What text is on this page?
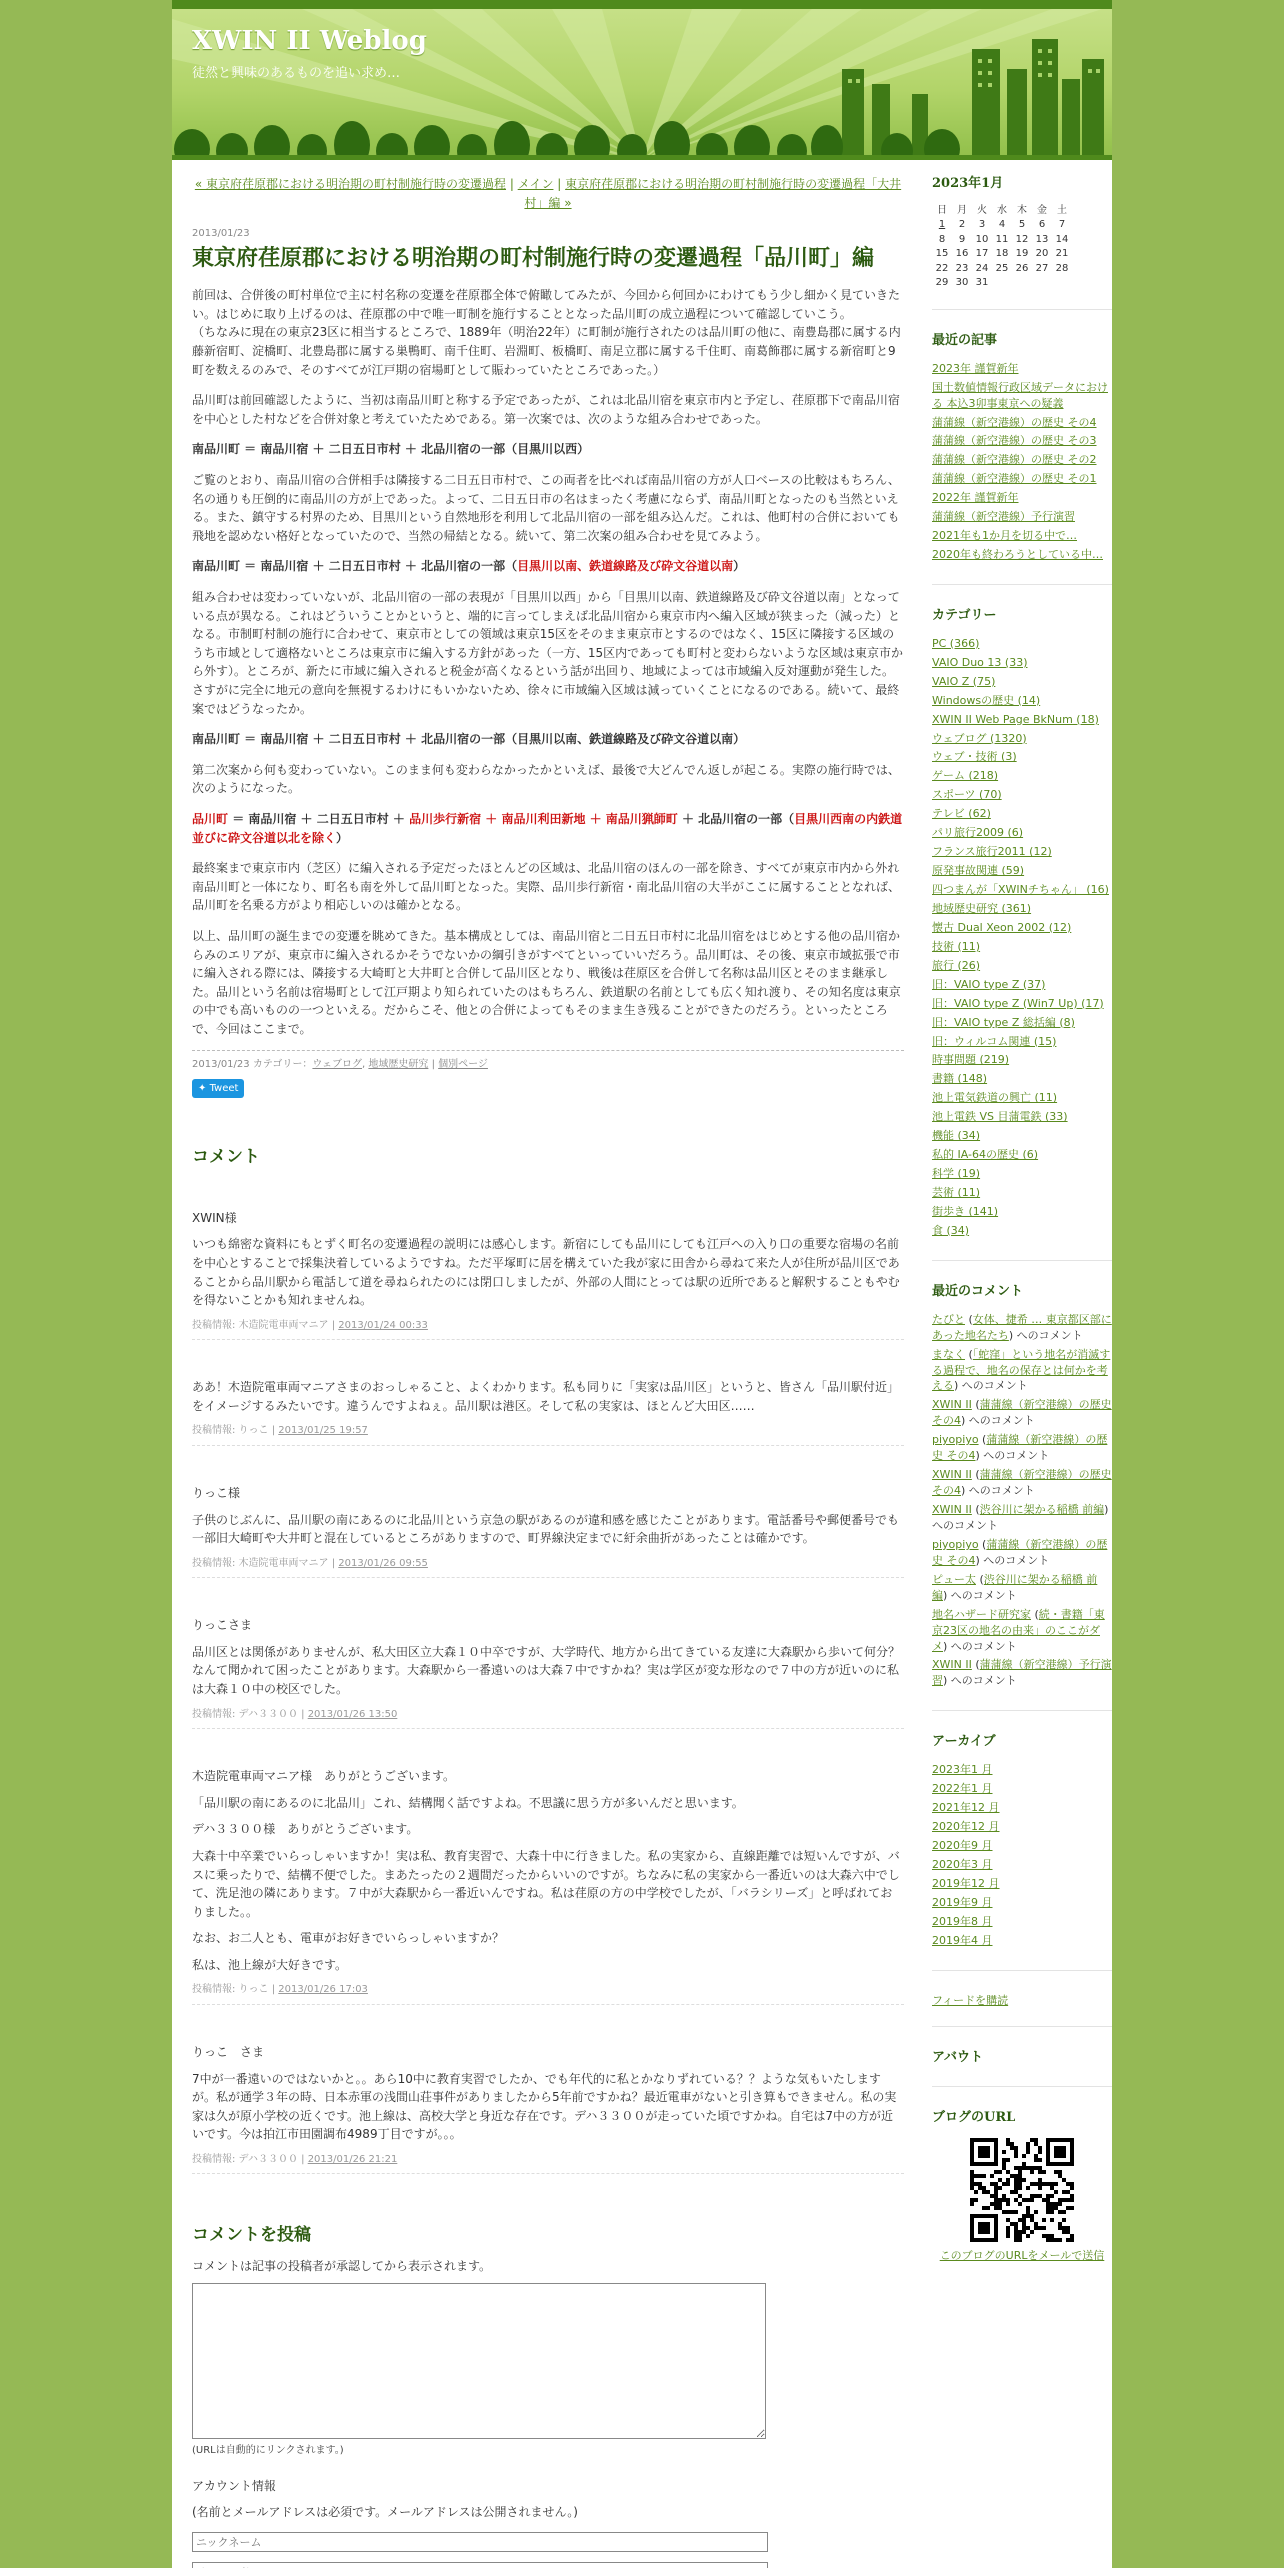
XWIN II Weblog
徒然と興味のあるものを追い求め…
« 東京府荏原郡における明治期の町村制施行時の変遷過程 | メイン | 東京府荏原郡における明治期の町村制施行時の変遷過程「大井村」編 »
2013/01/23
東京府荏原郡における明治期の町村制施行時の変遷過程「品川町」編

前回は、合併後の町村単位で主に村名称の変遷を荏原郡全体で俯瞰してみたが、今回から何回かにわけてもう少し細かく見ていきたい。はじめに取り上げるのは、荏原郡の中で唯一町制を施行することとなった品川町の成立過程について確認していこう。
（ちなみに現在の東京23区に相当するところで、1889年（明治22年）に町制が施行されたのは品川町の他に、南豊島郡に属する内藤新宿町、淀橋町、北豊島郡に属する巣鴨町、南千住町、岩淵町、板橋町、南足立郡に属する千住町、南葛飾郡に属する新宿町と9町を数えるのみで、そのすべてが江戸期の宿場町として賑わっていたところであった。）

品川町は前回確認したように、当初は南品川町と称する予定であったが、これは北品川宿を東京市内と予定し、荏原郡下で南品川宿を中心とした村などを合併対象と考えていたためである。第一次案では、次のような組み合わせであった。

南品川町 ＝ 南品川宿 ＋ 二日五日市村 ＋ 北品川宿の一部（目黒川以西）

ご覧のとおり、南品川宿の合併相手は隣接する二日五日市村で、この両者を比べれば南品川宿の方が人口ベースの比較はもちろん、名の通りも圧倒的に南品川の方が上であった。よって、二日五日市の名はまったく考慮にならず、南品川町となったのも当然といえる。また、鎮守する村界のため、目黒川という自然地形を利用して北品川宿の一部を組み込んだ。これは、他町村の合併においても飛地を認めない格好となっていたので、当然の帰結となる。続いて、第二次案の組み合わせを見てみよう。

南品川町 ＝ 南品川宿 ＋ 二日五日市村 ＋ 北品川宿の一部（目黒川以南、鉄道線路及び砕文谷道以南）

組み合わせは変わっていないが、北品川宿の一部の表現が「目黒川以西」から「目黒川以南、鉄道線路及び砕文谷道以南」となっている点が異なる。これはどういうことかというと、端的に言ってしまえば北品川宿から東京市内へ編入区域が狭まった（減った）となる。市制町村制の施行に合わせて、東京市としての領域は東京15区をそのまま東京市とするのではなく、15区に隣接する区域のうち市域として適格ないところは東京市に編入する方針があった（一方、15区内であっても町村と変わらないような区域は東京市から外す）。ところが、新たに市域に編入されると税金が高くなるという話が出回り、地域によっては市域編入反対運動が発生した。さすがに完全に地元の意向を無視するわけにもいかないため、徐々に市域編入区域は減っていくことになるのである。続いて、最終案ではどうなったか。

南品川町 ＝ 南品川宿 ＋ 二日五日市村 ＋ 北品川宿の一部（目黒川以南、鉄道線路及び砕文谷道以南）

第二次案から何も変わっていない。このまま何も変わらなかったかといえば、最後で大どんでん返しが起こる。実際の施行時では、次のようになった。

品川町 ＝ 南品川宿 ＋ 二日五日市村 ＋ 品川歩行新宿 ＋ 南品川利田新地 ＋ 南品川猟師町 ＋ 北品川宿の一部（目黒川西南の内鉄道並びに砕文谷道以北を除く）

最終案まで東京市内（芝区）に編入される予定だったほとんどの区域は、北品川宿のほんの一部を除き、すべてが東京市内から外れ南品川町と一体になり、町名も南を外して品川町となった。実際、品川歩行新宿・南北品川宿の大半がここに属することとなれば、品川町を名乗る方がより相応しいのは確かとなる。

以上、品川町の誕生までの変遷を眺めてきた。基本構成としては、南品川宿と二日五日市村に北品川宿をはじめとする他の品川宿からみのエリアが、東京市に編入されるかそうでないかの綱引きがすべてといっていいだろう。品川町は、その後、東京市域拡張で市に編入される際には、隣接する大崎町と大井町と合併して品川区となり、戦後は荏原区を合併して名称は品川区とそのまま継承した。品川という名前は宿場町として江戸期より知られていたのはもちろん、鉄道駅の名前としても広く知れ渡り、その知名度は東京の中でも高いものの一つといえる。だからこそ、他との合併によってもそのまま生き残ることができたのだろう。といったところで、今回はここまで。

2013/01/23 カテゴリー：ウェブログ, 地域歴史研究 | 個別ページ
✦ Tweet
コメント

XWIN様

いつも綿密な資料にもとずく町名の変遷過程の説明には感心します。新宿にしても品川にしても江戸への入り口の重要な宿場の名前を中心とすることで採集決着しているようですね。ただ平塚町に居を構えていた我が家に田舎から尋ねて来た人が住所が品川区であることから品川駅から電話して道を尋ねられたのには閉口しましたが、外部の人間にとっては駅の近所であると解釈することもやむを得ないことかも知れませんね。

投稿情報: 木造院電車両マニア | 2013/01/24 00:33

ああ！木造院電車両マニアさまのおっしゃること、よくわかります。私も同りに「実家は品川区」というと、皆さん「品川駅付近」をイメージするみたいです。違うんですよねぇ。品川駅は港区。そして私の実家は、ほとんど大田区……

投稿情報: りっこ | 2013/01/25 19:57

りっこ様

子供のじぶんに、品川駅の南にあるのに北品川という京急の駅があるのが違和感を感じたことがあります。電話番号や郵便番号でも一部旧大崎町や大井町と混在しているところがありますので、町界線決定までに紆余曲折があったことは確かです。

投稿情報: 木造院電車両マニア | 2013/01/26 09:55

りっこさま

品川区とは関係がありませんが、私大田区立大森１０中卒ですが、大学時代、地方から出てきている友達に大森駅から歩いて何分？なんて聞かれて困ったことがあります。大森駅から一番遠いのは大森７中ですかね？実は学区が変な形なので７中の方が近いのに私は大森１０中の校区でした。

投稿情報: デハ３３００ | 2013/01/26 13:50

木造院電車両マニア様　ありがとうございます。

「品川駅の南にあるのに北品川」これ、結構聞く話ですよね。不思議に思う方が多いんだと思います。

デハ３３００様　ありがとうございます。

大森十中卒業でいらっしゃいますか！実は私、教育実習で、大森十中に行きました。私の実家から、直線距離では短いんですが、バスに乗ったりで、結構不便でした。まあたったの２週間だったからいいのですが。ちなみに私の実家から一番近いのは大森六中でして、洗足池の隣にあります。７中が大森駅から一番近いんですね。私は荏原の方の中学校でしたが、「バラシリーズ」と呼ばれておりました。。

なお、お二人とも、電車がお好きでいらっしゃいますか？

私は、池上線が大好きです。

投稿情報: りっこ | 2013/01/26 17:03

りっこ　さま

7中が一番遠いのではないかと。。あら10中に教育実習でしたか、でも年代的に私とかなりずれている？？ような気もいたしますが。私が通学３年の時、日本赤軍の浅間山荘事件がありましたから5年前ですかね？最近電車がないと引き算もできません。私の実家は久が原小学校の近くです。池上線は、高校大学と身近な存在です。デハ３３００が走っていた頃ですかね。自宅は7中の方が近いです。今は拍江市田園調布4989丁目ですが。。。

投稿情報: デハ３３００ | 2013/01/26 21:21
コメントを投稿
コメントは記事の投稿者が承認してから表示されます。
(URLは自動的にリンクされます。)
アカウント情報
(名前とメールアドレスは必須です。メールアドレスは公開されません。)
ニックネーム
メールアドレス
2023年1月
日	月	火	水	木	金	土
1	2	3	4	5	6	7
8	9	10	11	12	13	14
15	16	17	18	19	20	21
22	23	24	25	26	27	28
29	30	31				
最近の記事
2023年 謹賀新年
国土数値情報行政区域データにおける 本込3卯事東京への疑義
蒲蒲線（新空港線）の歴史 その4
蒲蒲線（新空港線）の歴史 その3
蒲蒲線（新空港線）の歴史 その2
蒲蒲線（新空港線）の歴史 その1
2022年 謹賀新年
蒲蒲線（新空港線）予行演習
2021年も1か月を切る中で…
2020年も終わろうとしている中…
カテゴリー
PC (366)
VAIO Duo 13 (33)
VAIO Z (75)
Windowsの歴史 (14)
XWIN II Web Page BkNum (18)
ウェブログ (1320)
ウェブ・技術 (3)
ゲーム (218)
スポーツ (70)
テレビ (62)
パリ旅行2009 (6)
フランス旅行2011 (12)
原発事故関連 (59)
四つまんが「XWINチちゃん」 (16)
地域歴史研究 (361)
懐古 Dual Xeon 2002 (12)
技術 (11)
旅行 (26)
旧：VAIO type Z (37)
旧：VAIO type Z (Win7 Up) (17)
旧：VAIO type Z 総括編 (8)
旧：ウィルコム関連 (15)
時事問題 (219)
書籍 (148)
池上電気鉄道の興亡 (11)
池上電鉄 VS 目蒲電鉄 (33)
機能 (34)
私的 IA-64の歴史 (6)
科学 (19)
芸術 (11)
街歩き (141)
食 (34)
最近のコメント
たびと (女体、捷希 … 東京都区部にあった地名たち) へのコメント
まなく (「蛇窪」という地名が消滅する過程で、地名の保存とは何かを考える) へのコメント
XWIN II (蒲蒲線（新空港線）の歴史 その4) へのコメント
piyopiyo (蒲蒲線（新空港線）の歴史 その4) へのコメント
XWIN II (蒲蒲線（新空港線）の歴史 その4) へのコメント
XWIN II (渋谷川に架かる稲橋 前編) へのコメント
piyopiyo (蒲蒲線（新空港線）の歴史 その4) へのコメント
ピュー太 (渋谷川に架かる稲橋 前編) へのコメント
地名ハザード研究家 (続・書籍「東京23区の地名の由来」のここがダメ) へのコメント
XWIN II (蒲蒲線（新空港線）予行演習) へのコメント
アーカイブ
2023年1 月
2022年1 月
2021年12 月
2020年12 月
2020年9 月
2020年3 月
2019年12 月
2019年9 月
2019年8 月
2019年4 月
フィードを購読
アバウト
ブログのURL
このブログのURLをメールで送信
